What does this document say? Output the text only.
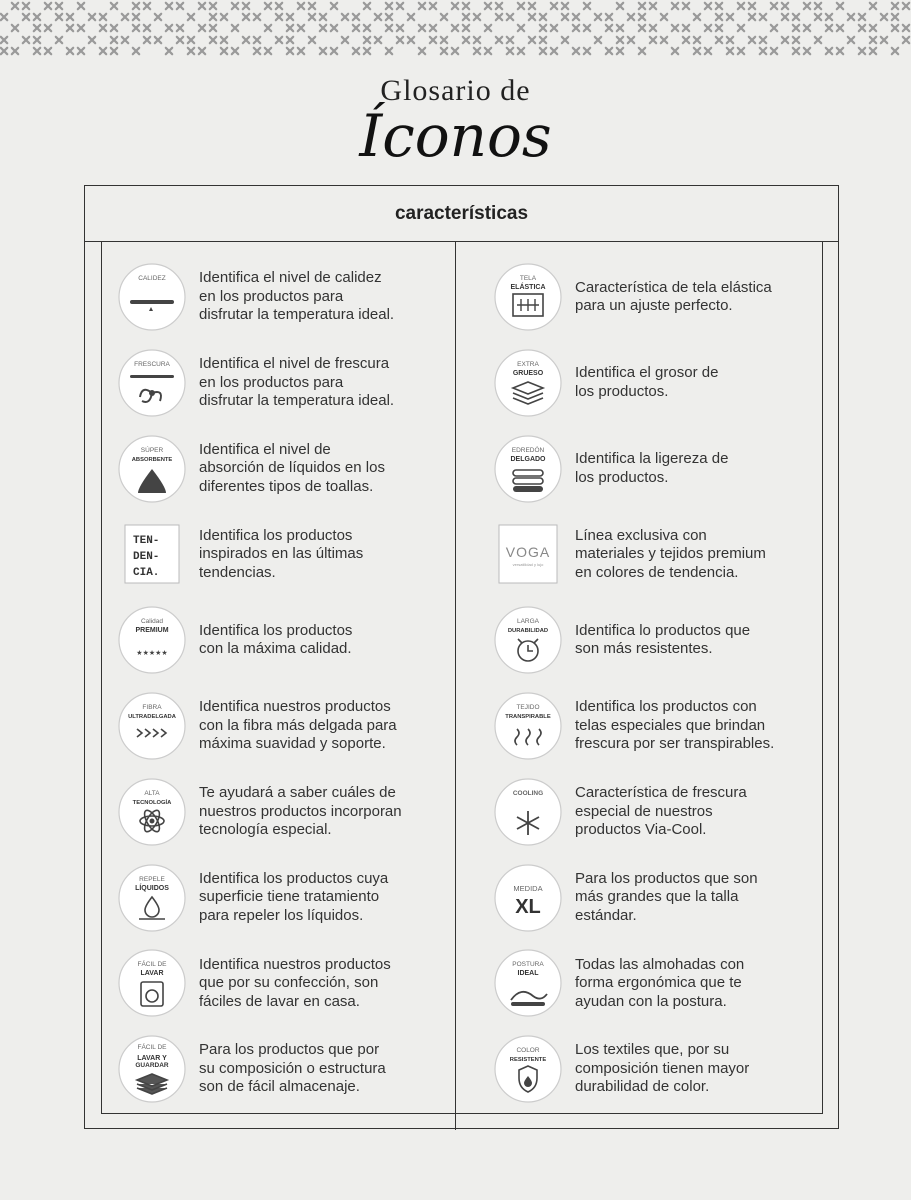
Glosario de
Íconos
características
CALIDEZ Identifica el nivel de calidez
en los productos para
disfrutar la temperatura ideal.
FRESCURA Identifica el nivel de frescura
en los productos para
disfrutar la temperatura ideal.
SÚPER
ABSORBENTE
Identifica el nivel de
absorción de líquidos en los
diferentes tipos de toallas.
TEN-
DEN-
CIA.
Identifica los productos
inspirados en las últimas
tendencias.
Calidad
PREMIUM
★★★★★
Identifica los productos
con la máxima calidad.
FIBRA
ULTRADELGADA
Identifica nuestros productos
con la fibra más delgada para
máxima suavidad y soporte.
ALTA
TECNOLOGÍA
Te ayudará a saber cuáles de
nuestros productos incorporan
tecnología especial.
REPELE
LÍQUIDOS
Identifica los productos cuya
superficie tiene tratamiento
para repeler los líquidos.
FÁCIL DE
LAVAR
Identifica nuestros productos
que por su confección, son
fáciles de lavar en casa.
FÁCIL DE
LAVAR Y
GUARDAR
Para los productos que por
su composición o estructura
son de fácil almacenaje.
TELA
ELÁSTICA Característica de tela elástica
para un ajuste perfecto.
EXTRA
GRUESO Identifica el grosor de
los productos.
EDREDÓN
DELGADO Identifica la ligereza de
los productos.
VOGA
versatilidad y lujo
Línea exclusiva con
materiales y tejidos premium
en colores de tendencia.
LARGA
DURABILIDAD Identifica lo productos que
son más resistentes.
TEJIDO
TRANSPIRABLE
Identifica los productos con
telas especiales que brindan
frescura por ser transpirables.
COOLING Característica de frescura
especial de nuestros
productos Via-Cool.
MEDIDA
XL
Para los productos que son
más grandes que la talla
estándar.
POSTURA
IDEAL
Todas las almohadas con
forma ergonómica que te
ayudan con la postura.
COLOR
RESISTENTE
Los textiles que, por su
composición tienen mayor
durabilidad de color.
